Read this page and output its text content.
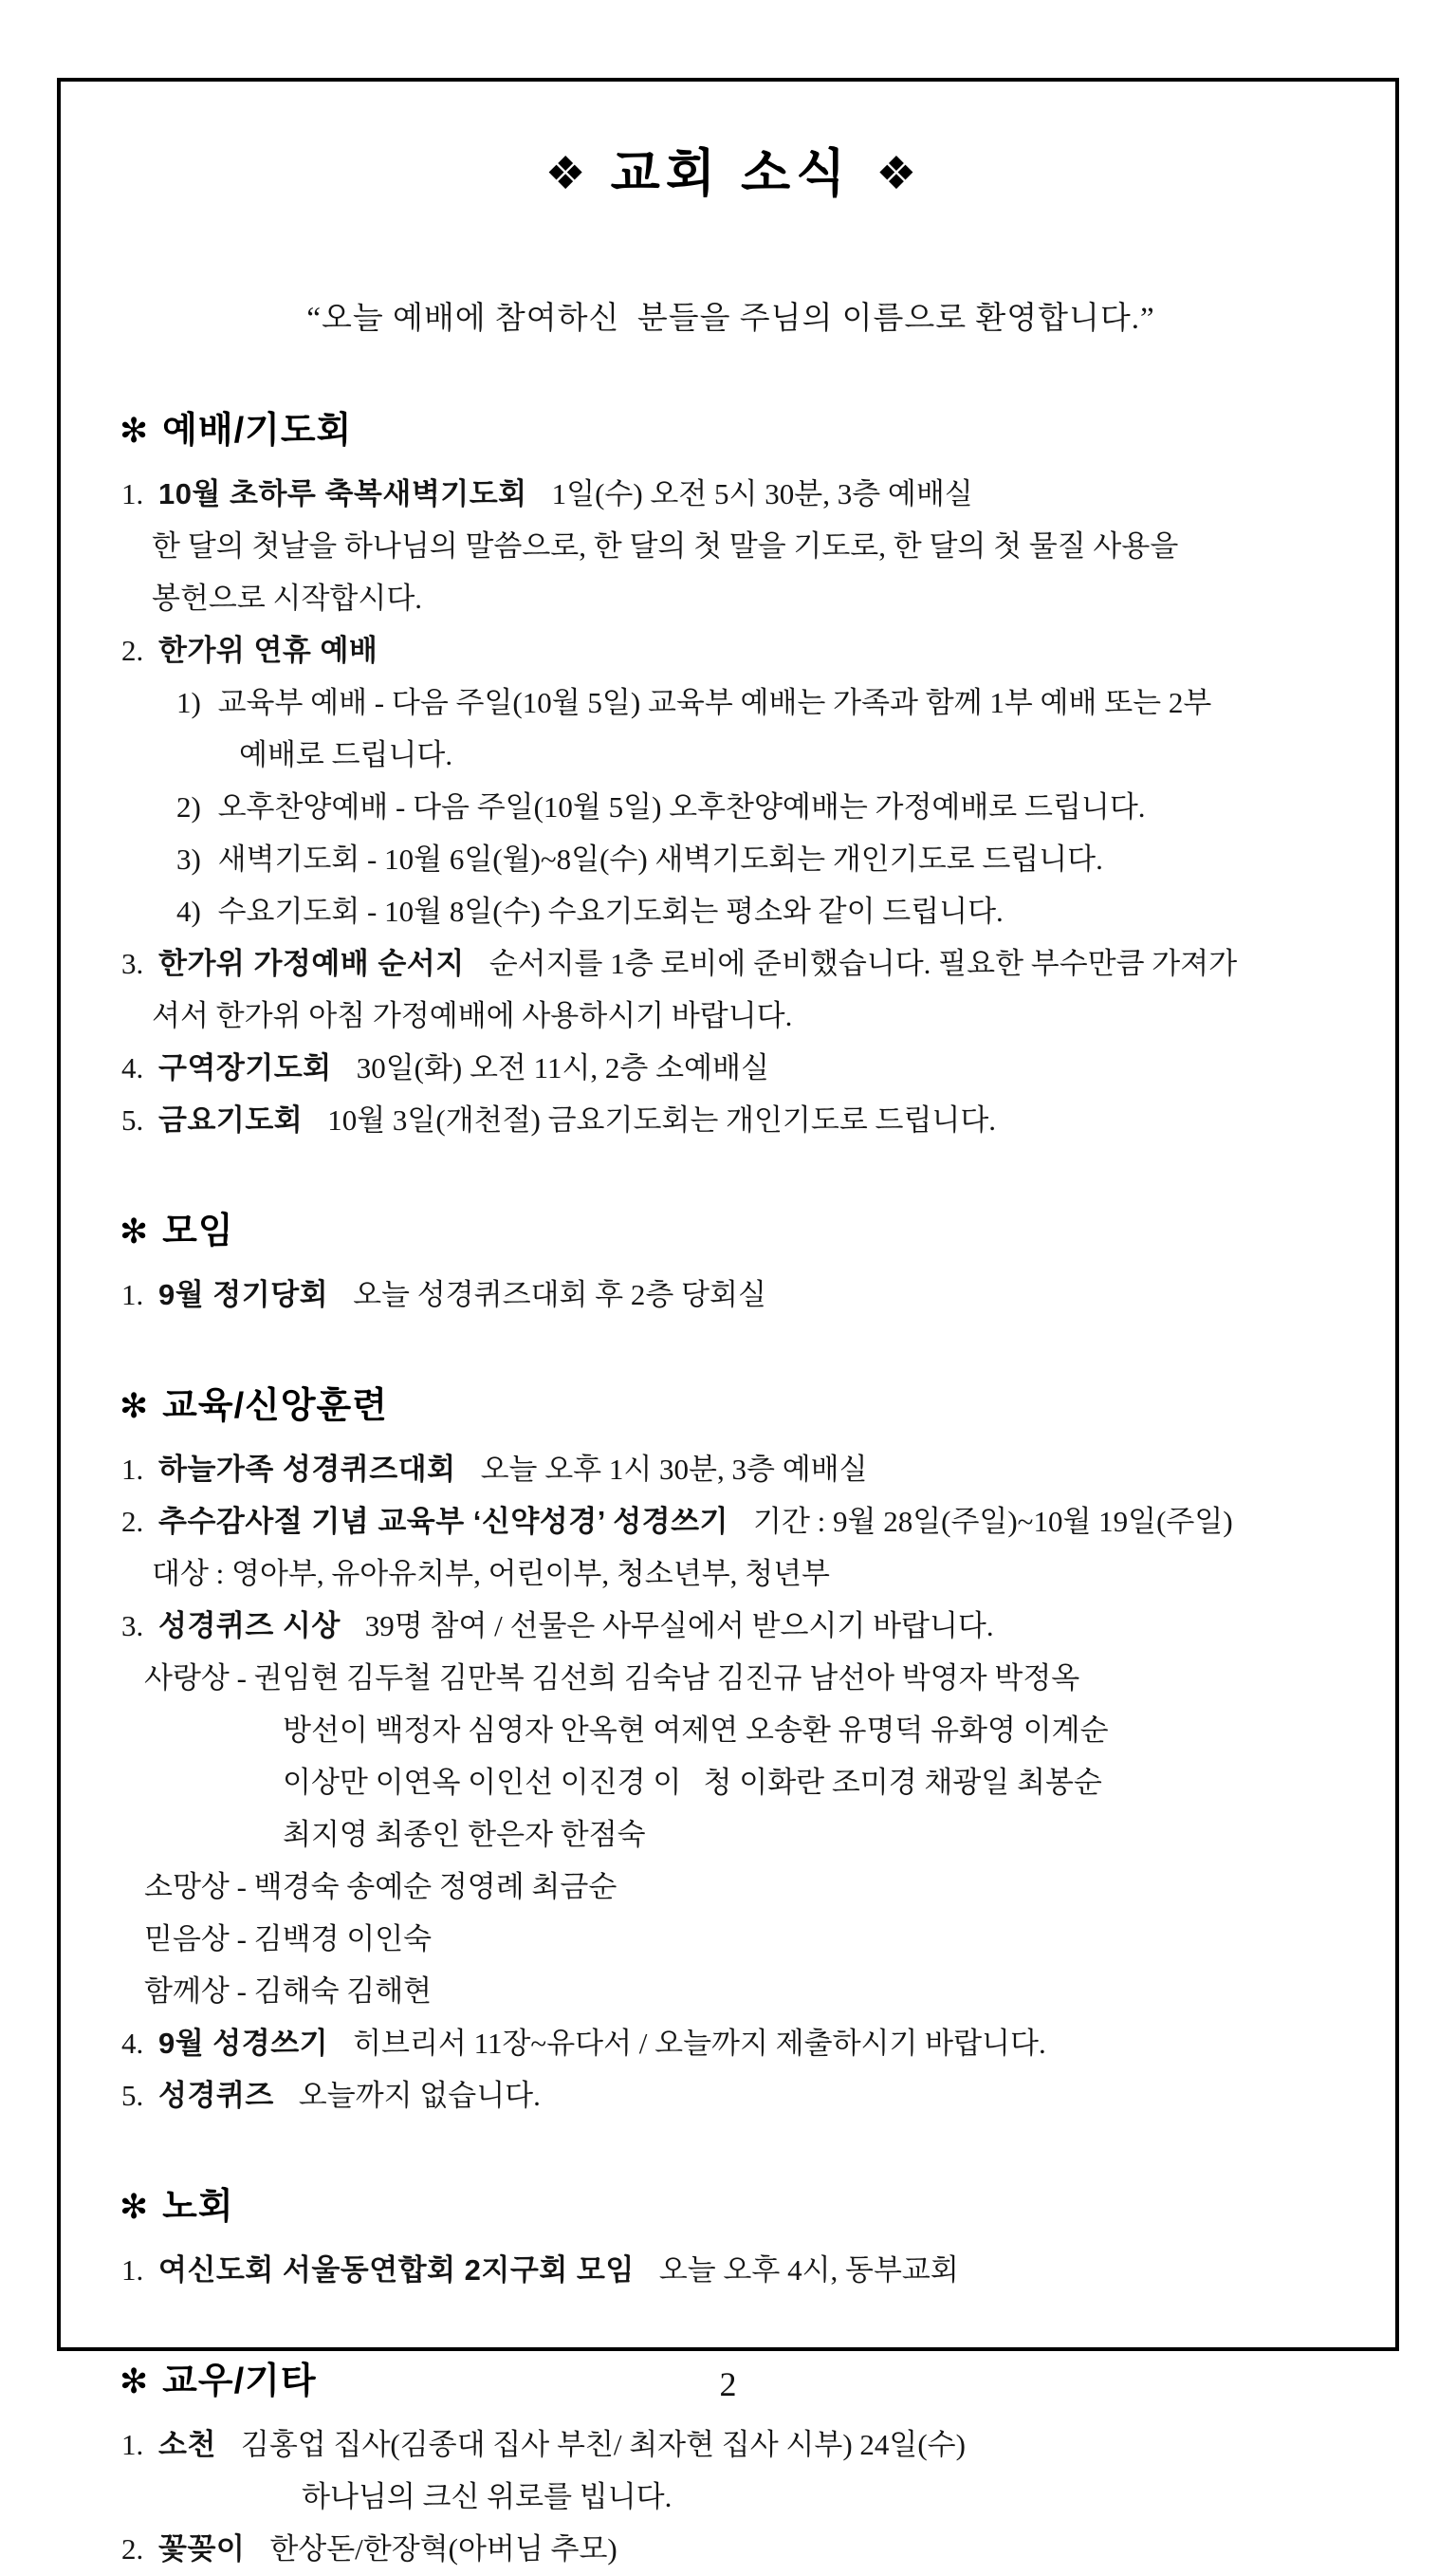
❖ 교회 소식 ❖
“오늘 예배에 참여하신  분들을 주님의 이름으로 환영합니다.”
✻ 예배/기도회
1. 10월 초하루 축복새벽기도회 1일(수) 오전 5시 30분, 3층 예배실
한 달의 첫날을 하나님의 말씀으로, 한 달의 첫 말을 기도로, 한 달의 첫 물질 사용을
봉헌으로 시작합시다.
2. 한가위 연휴 예배
1) 교육부 예배 - 다음 주일(10월 5일) 교육부 예배는 가족과 함께 1부 예배 또는 2부
예배로 드립니다.
2) 오후찬양예배 - 다음 주일(10월 5일) 오후찬양예배는 가정예배로 드립니다.
3) 새벽기도회 - 10월 6일(월)~8일(수) 새벽기도회는 개인기도로 드립니다.
4) 수요기도회 - 10월 8일(수) 수요기도회는 평소와 같이 드립니다.
3. 한가위 가정예배 순서지 순서지를 1층 로비에 준비했습니다. 필요한 부수만큼 가져가
셔서 한가위 아침 가정예배에 사용하시기 바랍니다.
4. 구역장기도회 30일(화) 오전 11시, 2층 소예배실
5. 금요기도회 10월 3일(개천절) 금요기도회는 개인기도로 드립니다.
✻ 모임
1. 9월 정기당회 오늘 성경퀴즈대회 후 2층 당회실
✻ 교육/신앙훈련
1. 하늘가족 성경퀴즈대회 오늘 오후 1시 30분, 3층 예배실
2. 추수감사절 기념 교육부 ‘신약성경’ 성경쓰기 기간 : 9월 28일(주일)~10월 19일(주일)
대상 : 영아부, 유아유치부, 어린이부, 청소년부, 청년부
3. 성경퀴즈 시상 39명 참여 / 선물은 사무실에서 받으시기 바랍니다.
사랑상 - 권임현 김두철 김만복 김선희 김숙남 김진규 남선아 박영자 박정옥
방선이 백정자 심영자 안옥현 여제연 오송환 유명덕 유화영 이계순
이상만 이연옥 이인선 이진경 이   청 이화란 조미경 채광일 최봉순
최지영 최종인 한은자 한점숙
소망상 - 백경숙 송예순 정영례 최금순
믿음상 - 김백경 이인숙
함께상 - 김해숙 김해현
4. 9월 성경쓰기 히브리서 11장~유다서 / 오늘까지 제출하시기 바랍니다.
5. 성경퀴즈 오늘까지 없습니다.
✻ 노회
1. 여신도회 서울동연합회 2지구회 모임 오늘 오후 4시, 동부교회
✻ 교우/기타
1. 소천 김홍업 집사(김종대 집사 부친/ 최자현 집사 시부) 24일(수)
하나님의 크신 위로를 빕니다.
2. 꽃꽂이 한상돈/한장혁(아버님 추모)
2
